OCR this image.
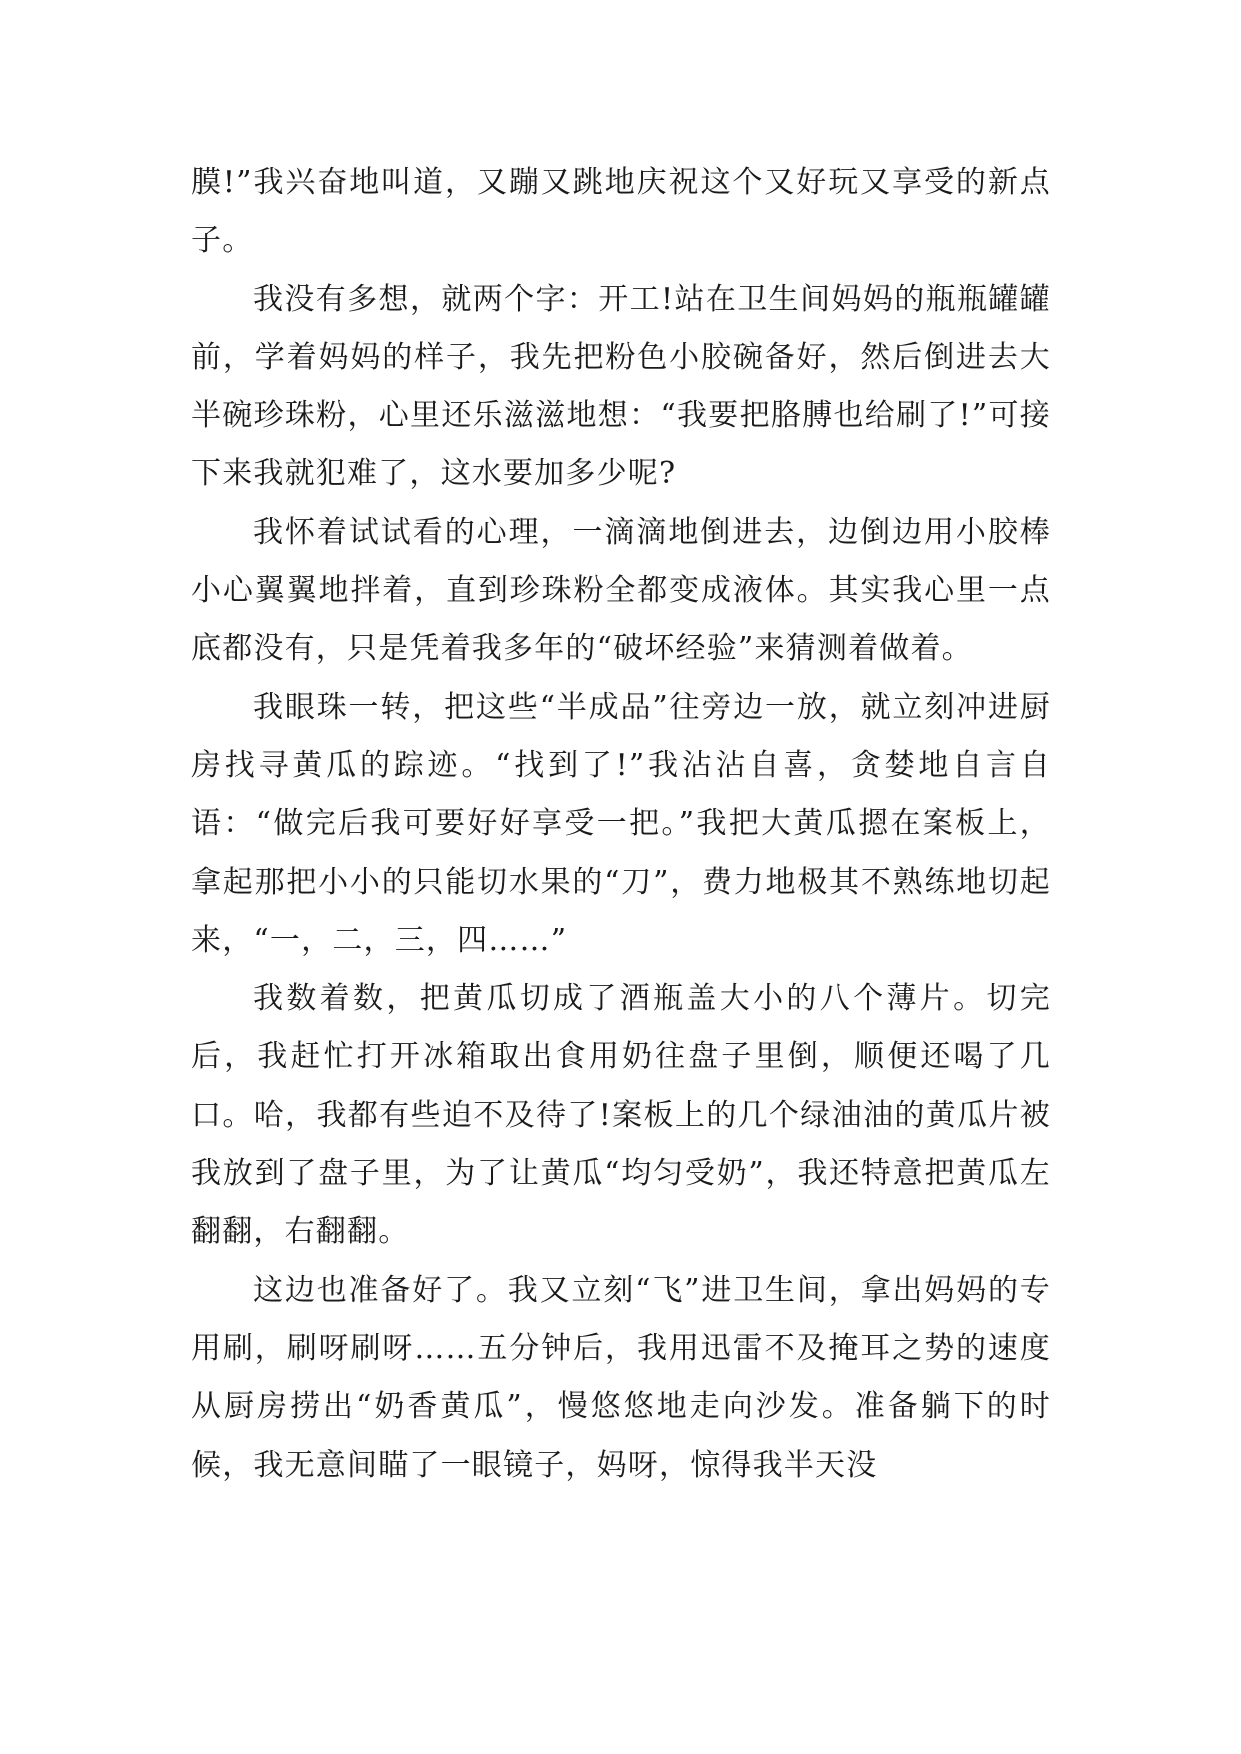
膜!”我兴奋地叫道，又蹦又跳地庆祝这个又好玩又享受的新点子。

我没有多想，就两个字：开工!站在卫生间妈妈的瓶瓶罐罐前，学着妈妈的样子，我先把粉色小胶碗备好，然后倒进去大半碗珍珠粉，心里还乐滋滋地想：“我要把胳膊也给刷了!”可接下来我就犯难了，这水要加多少呢?

我怀着试试看的心理，一滴滴地倒进去，边倒边用小胶棒小心翼翼地拌着，直到珍珠粉全都变成液体。其实我心里一点底都没有，只是凭着我多年的“破坏经验”来猜测着做着。

我眼珠一转，把这些“半成品”往旁边一放，就立刻冲进厨房找寻黄瓜的踪迹。“找到了!”我沾沾自喜，贪婪地自言自语：“做完后我可要好好享受一把。”我把大黄瓜摁在案板上，拿起那把小小的只能切水果的“刀”，费力地极其不熟练地切起来，“一，二，三，四……”

我数着数，把黄瓜切成了酒瓶盖大小的八个薄片。切完后，我赶忙打开冰箱取出食用奶往盘子里倒，顺便还喝了几口。哈，我都有些迫不及待了!案板上的几个绿油油的黄瓜片被我放到了盘子里，为了让黄瓜“均匀受奶”，我还特意把黄瓜左翻翻，右翻翻。

这边也准备好了。我又立刻“飞”进卫生间，拿出妈妈的专用刷，刷呀刷呀……五分钟后，我用迅雷不及掩耳之势的速度从厨房捞出“奶香黄瓜”，慢悠悠地走向沙发。准备躺下的时候，我无意间瞄了一眼镜子，妈呀，惊得我半天没
